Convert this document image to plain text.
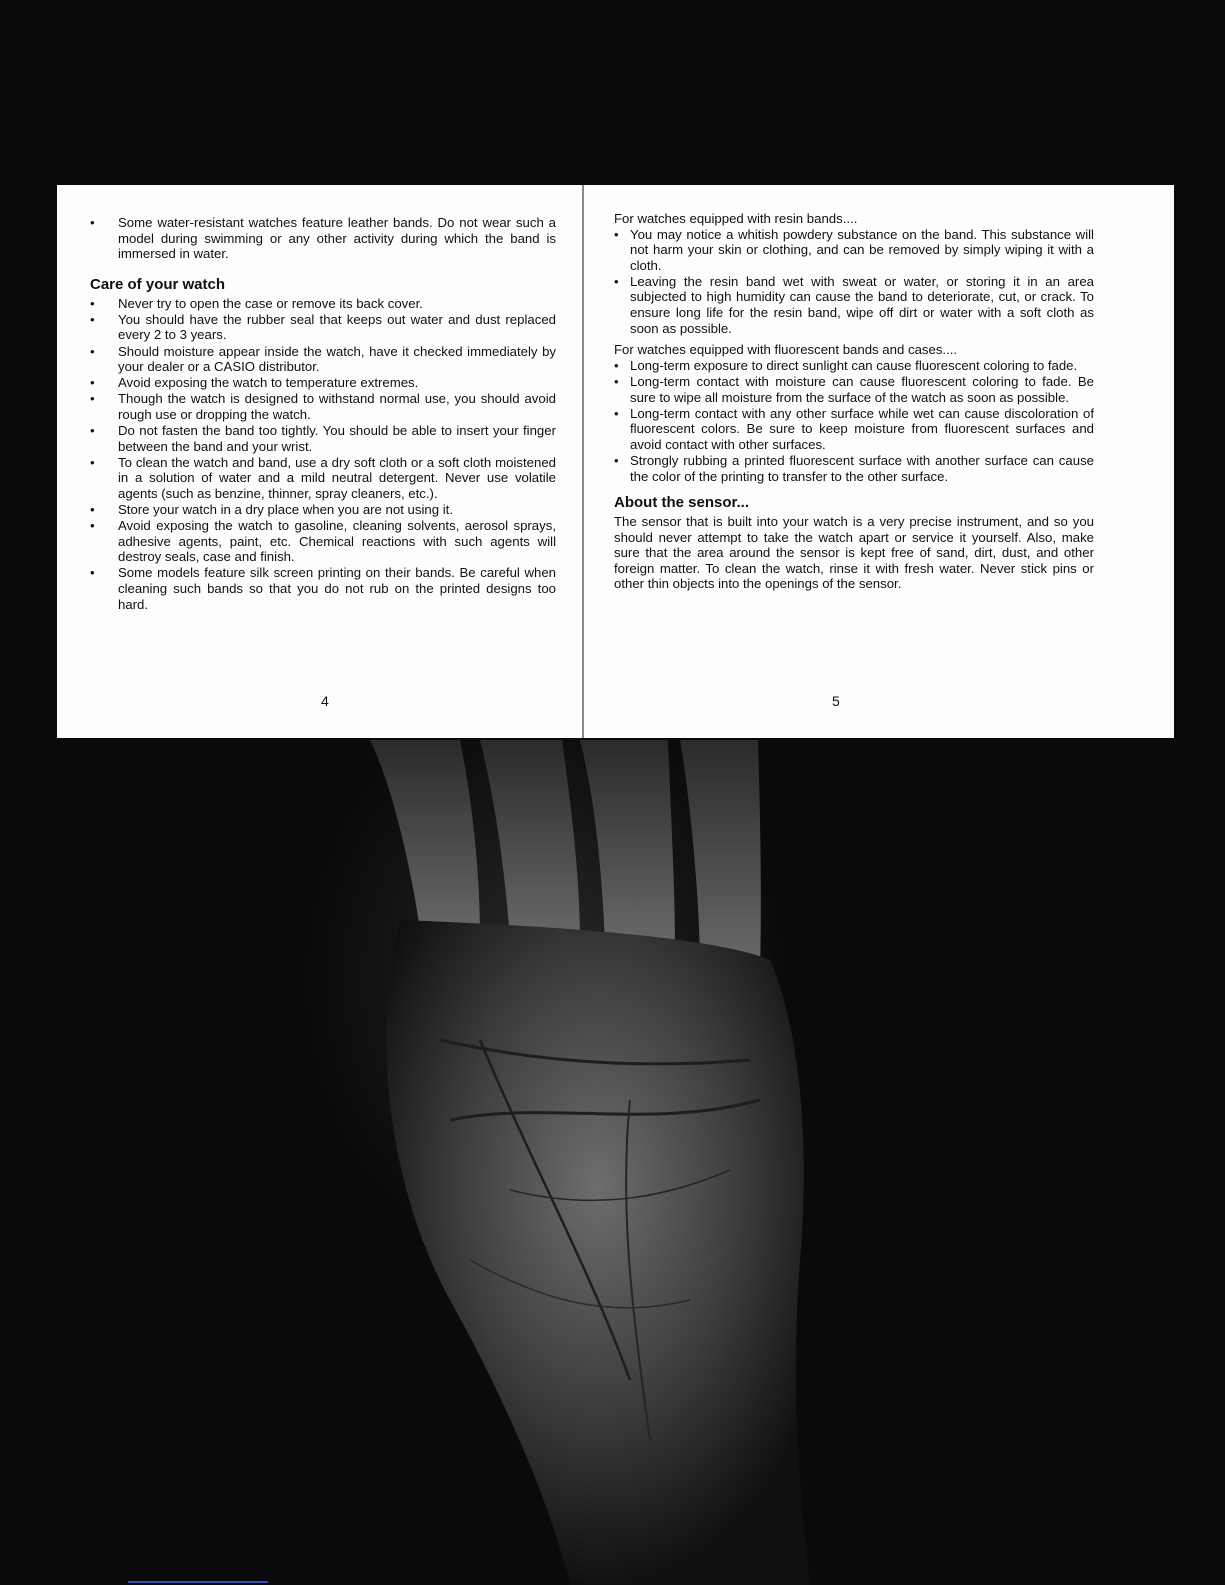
• Some water-resistant watches feature leather bands. Do not wear such a model during swimming or any other activity during which the band is immersed in water.
Care of your watch
• Never try to open the case or remove its back cover.
• You should have the rubber seal that keeps out water and dust replaced every 2 to 3 years.
• Should moisture appear inside the watch, have it checked immediately by your dealer or a CASIO distributor.
• Avoid exposing the watch to temperature extremes.
• Though the watch is designed to withstand normal use, you should avoid rough use or dropping the watch.
• Do not fasten the band too tightly. You should be able to insert your finger between the band and your wrist.
• To clean the watch and band, use a dry soft cloth or a soft cloth moistened in a solution of water and a mild neutral detergent. Never use volatile agents (such as benzine, thinner, spray cleaners, etc.).
• Store your watch in a dry place when you are not using it.
• Avoid exposing the watch to gasoline, cleaning solvents, aerosol sprays, adhesive agents, paint, etc. Chemical reactions with such agents will destroy seals, case and finish.
• Some models feature silk screen printing on their bands. Be careful when cleaning such bands so that you do not rub on the printed designs too hard.
4

For watches equipped with resin bands....

• You may notice a whitish powdery substance on the band. This substance will not harm your skin or clothing, and can be removed by simply wiping it with a cloth.
• Leaving the resin band wet with sweat or water, or storing it in an area subjected to high humidity can cause the band to deteriorate, cut, or crack. To ensure long life for the resin band, wipe off dirt or water with a soft cloth as soon as possible.

For watches equipped with fluorescent bands and cases....

• Long-term exposure to direct sunlight can cause fluorescent coloring to fade.
• Long-term contact with moisture can cause fluorescent coloring to fade. Be sure to wipe all moisture from the surface of the watch as soon as possible.
• Long-term contact with any other surface while wet can cause discoloration of fluorescent colors. Be sure to keep moisture from fluorescent surfaces and avoid contact with other surfaces.
• Strongly rubbing a printed fluorescent surface with another surface can cause the color of the printing to transfer to the other surface.
About the sensor...

The sensor that is built into your watch is a very precise instrument, and so you should never attempt to take the watch apart or service it yourself. Also, make sure that the area around the sensor is kept free of sand, dirt, dust, and other foreign matter. To clean the watch, rinse it with fresh water. Never stick pins or other thin objects into the openings of the sensor.

5
